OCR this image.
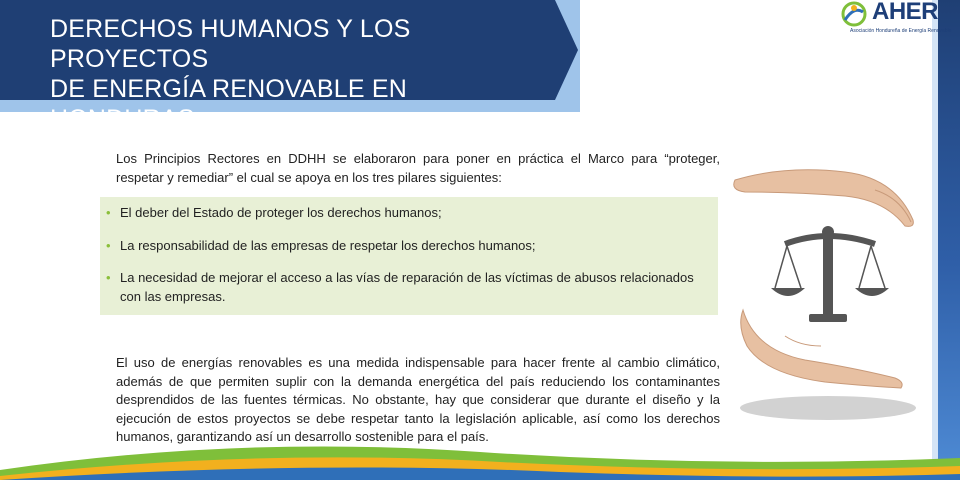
DERECHOS HUMANOS Y LOS PROYECTOS
DE ENERGÍA RENOVABLE EN HONDURAS
AHER
Asociación Hondureña de Energía Renovable
Los Principios Rectores en DDHH se elaboraron para poner en práctica el Marco para “proteger, respetar y remediar” el cual se apoya en los tres pilares siguientes:
• El deber del Estado de proteger los derechos humanos;
• La responsabilidad de las empresas de respetar los derechos humanos;
• La necesidad de mejorar el acceso a las vías de reparación de las víctimas de abusos relacionados con las empresas.
El uso de energías renovables es una medida indispensable para hacer frente al cambio climático, además de que permiten suplir con la demanda energética del país reduciendo los contaminantes desprendidos de las fuentes térmicas. No obstante, hay que considerar que durante el diseño y la ejecución de estos proyectos se debe respetar tanto la legislación aplicable, así como los derechos humanos, garantizando así un desarrollo sostenible para el país.
